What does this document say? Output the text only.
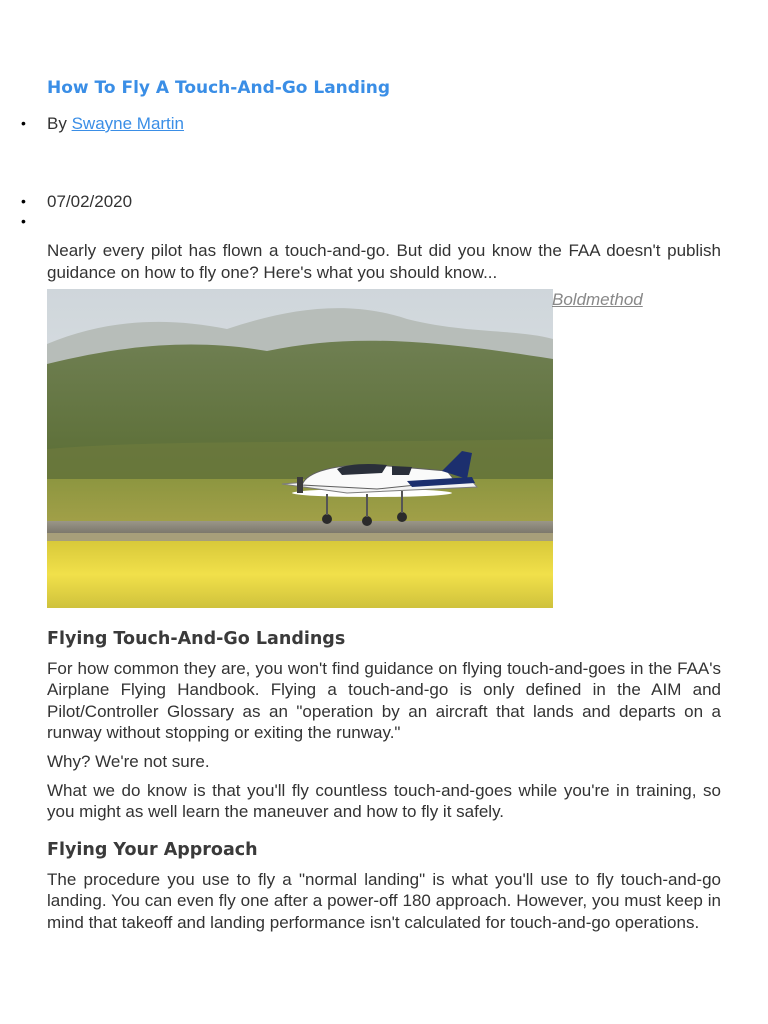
How To Fly A Touch-And-Go Landing
•
•
•
By Swayne Martin
07/02/2020

Nearly every pilot has flown a touch-and-go. But did you know the FAA doesn't publish guidance on how to fly one? Here's what you should know...

Boldmethod
Flying Touch-And-Go Landings

For how common they are, you won't find guidance on flying touch-and-goes in the FAA's Airplane Flying Handbook. Flying a touch-and-go is only defined in the AIM and Pilot/Controller Glossary as an "operation by an aircraft that lands and departs on a runway without stopping or exiting the runway."

Why? We're not sure.

What we do know is that you'll fly countless touch-and-goes while you're in training, so you might as well learn the maneuver and how to fly it safely.

Flying Your Approach

The procedure you use to fly a "normal landing" is what you'll use to fly touch-and-go landing. You can even fly one after a power-off 180 approach. However, you must keep in mind that takeoff and landing performance isn't calculated for touch-and-go operations.
